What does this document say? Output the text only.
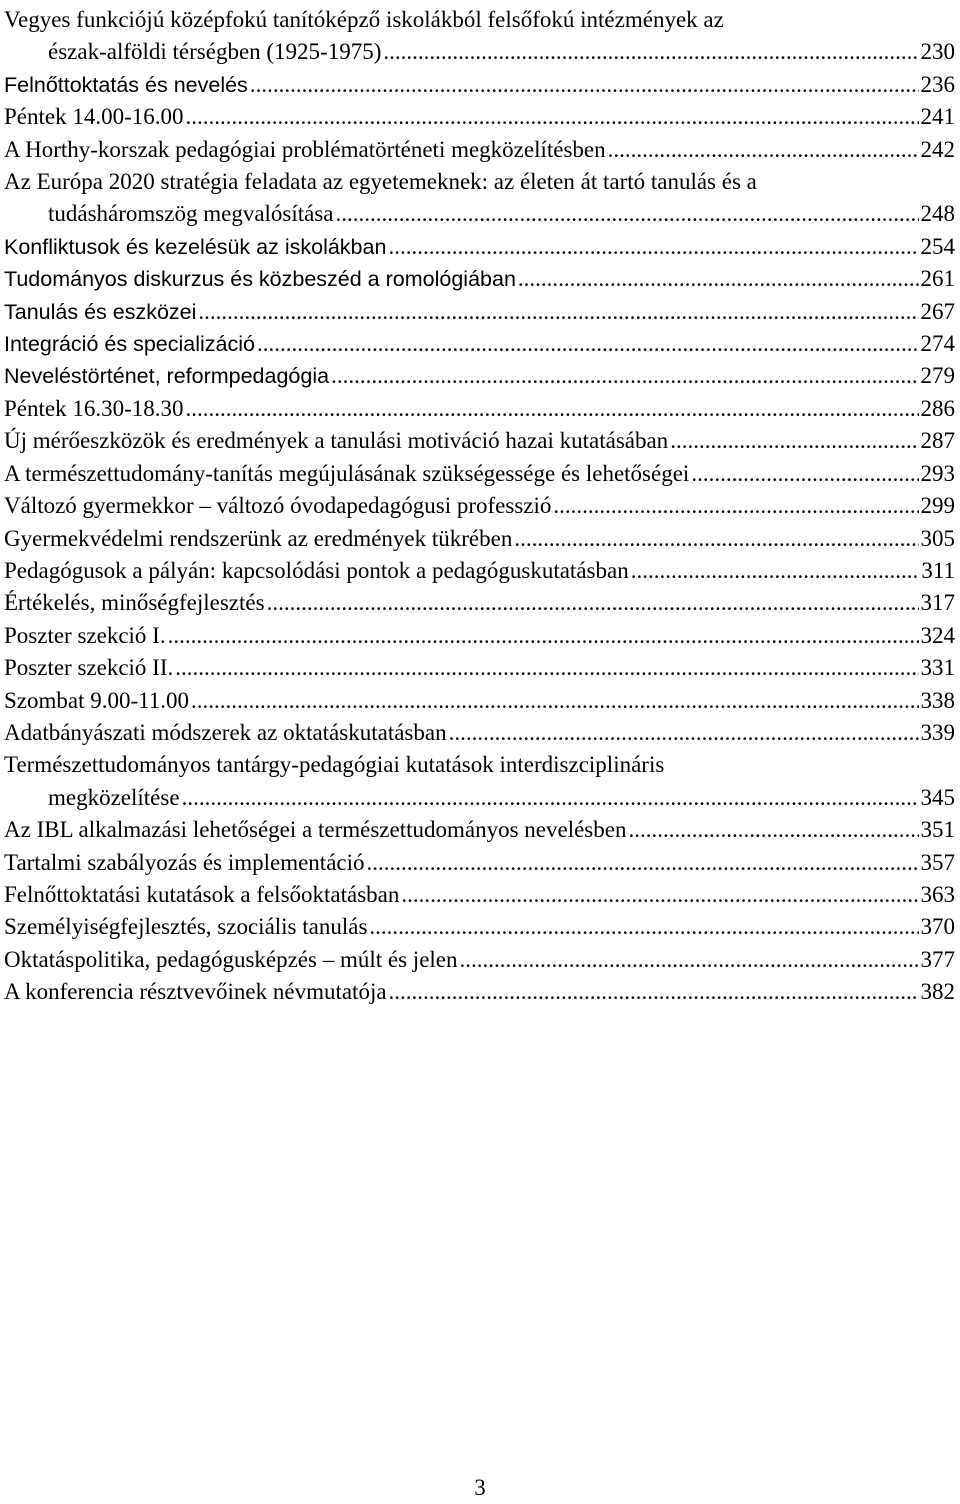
Vegyes funkciójú középfokú tanítóképző iskolákból felsőfokú intézmények az
észak-alföldi térségben (1925-1975) .....	230
Felnőttoktatás és nevelés .....	236
Péntek 14.00-16.00 .....	241
A Horthy-korszak pedagógiai problématörténeti megközelítésben .....	242
Az Európa 2020 stratégia feladata az egyetemeknek: az életen át tartó tanulás és a
tudásháromszög megvalósítása .....	248
Konfliktusok és kezelésük az iskolákban .....	254
Tudományos diskurzus és közbeszéd a romológiában .....	261
Tanulás és eszközei .....	267
Integráció és specializáció .....	274
Neveléstörténet, reformpedagógia .....	279
Péntek 16.30-18.30 .....	286
Új mérőeszközök és eredmények a tanulási motiváció hazai kutatásában .....	287
A természettudomány-tanítás megújulásának szükségessége és lehetőségei .....	293
Változó gyermekkor – változó óvodapedagógusi professzió .....	299
Gyermekvédelmi rendszerünk az eredmények tükrében .....	305
Pedagógusok a pályán: kapcsolódási pontok a pedagóguskutatásban .....	311
Értékelés, minőségfejlesztés .....	317
Poszter szekció I. .....	324
Poszter szekció II. .....	331
Szombat 9.00-11.00 .....	338
Adatbányászati módszerek az oktatáskutatásban .....	339
Természettudományos tantárgy-pedagógiai kutatások interdiszciplináris
megközelítése .....	345
Az IBL alkalmazási lehetőségei a természettudományos nevelésben .....	351
Tartalmi szabályozás és implementáció .....	357
Felnőttoktatási kutatások a felsőoktatásban .....	363
Személyiségfejlesztés, szociális tanulás .....	370
Oktatáspolitika, pedagógusképzés – múlt és jelen .....	377
A konferencia résztvevőinek névmutatója .....	382
3
